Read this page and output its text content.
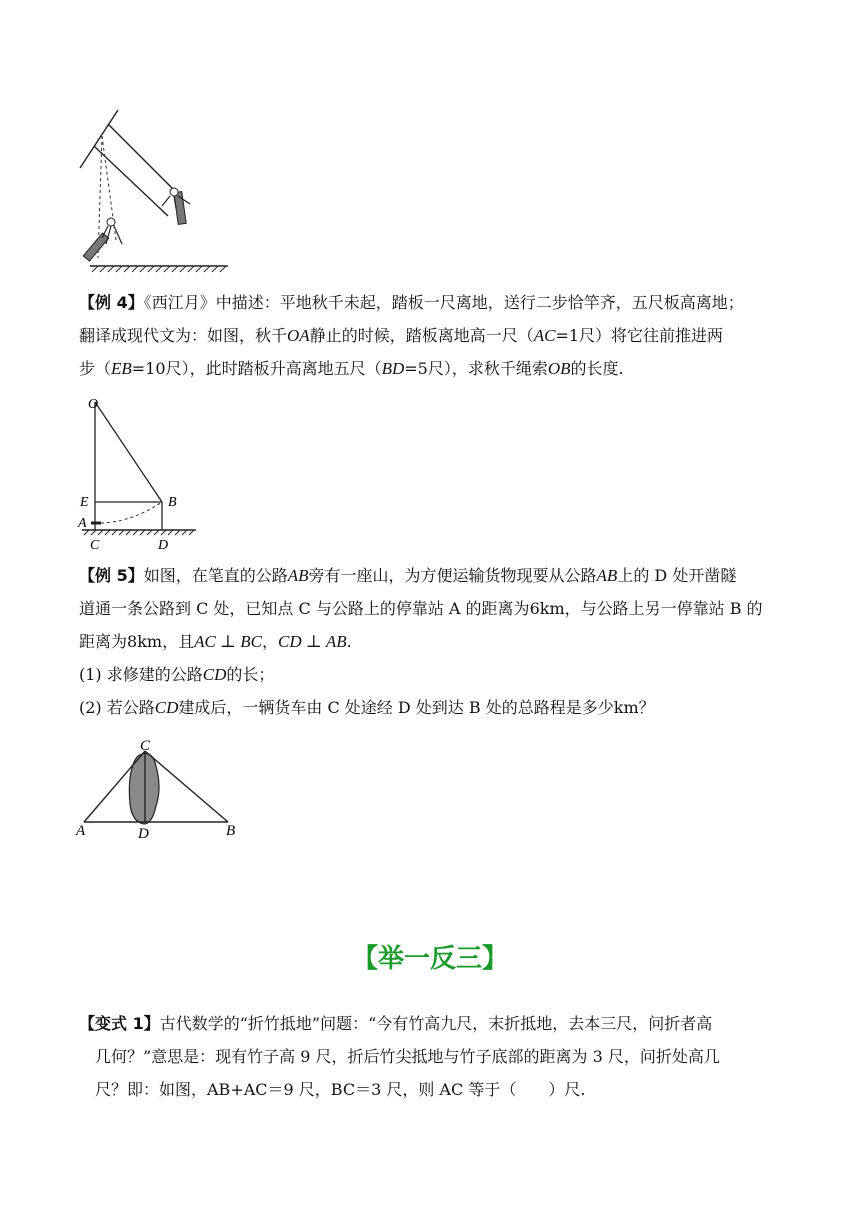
【例 4】《西江月》中描述：平地秋千未起，踏板一尺离地，送行二步恰竿齐，五尺板高离地；
翻译成现代文为：如图，秋千OA静止的时候，踏板离地高一尺（AC=1尺）将它往前推进两
步（EB=10尺），此时踏板升高离地五尺（BD=5尺），求秋千绳索OB的长度.
O
E	B
A
C	D
【例 5】如图，在笔直的公路AB旁有一座山，为方便运输货物现要从公路AB上的 D 处开凿隧
道通一条公路到 C 处，已知点 C 与公路上的停靠站 A 的距离为6km，与公路上另一停靠站 B 的
距离为8km，且AC ⊥ BC，CD ⊥ AB.
(1) 求修建的公路CD的长；
(2) 若公路CD建成后，一辆货车由 C 处途经 D 处到达 B 处的总路程是多少km？
C
A	D	B
【举一反三】
【变式 1】古代数学的“折竹抵地”问题：“今有竹高九尺，末折抵地，去本三尺，问折者高
几何？”意思是：现有竹子高 9 尺，折后竹尖抵地与竹子底部的距离为 3 尺，问折处高几
尺？即：如图，AB+AC＝9 尺，BC＝3 尺，则 AC 等于（　　）尺.
